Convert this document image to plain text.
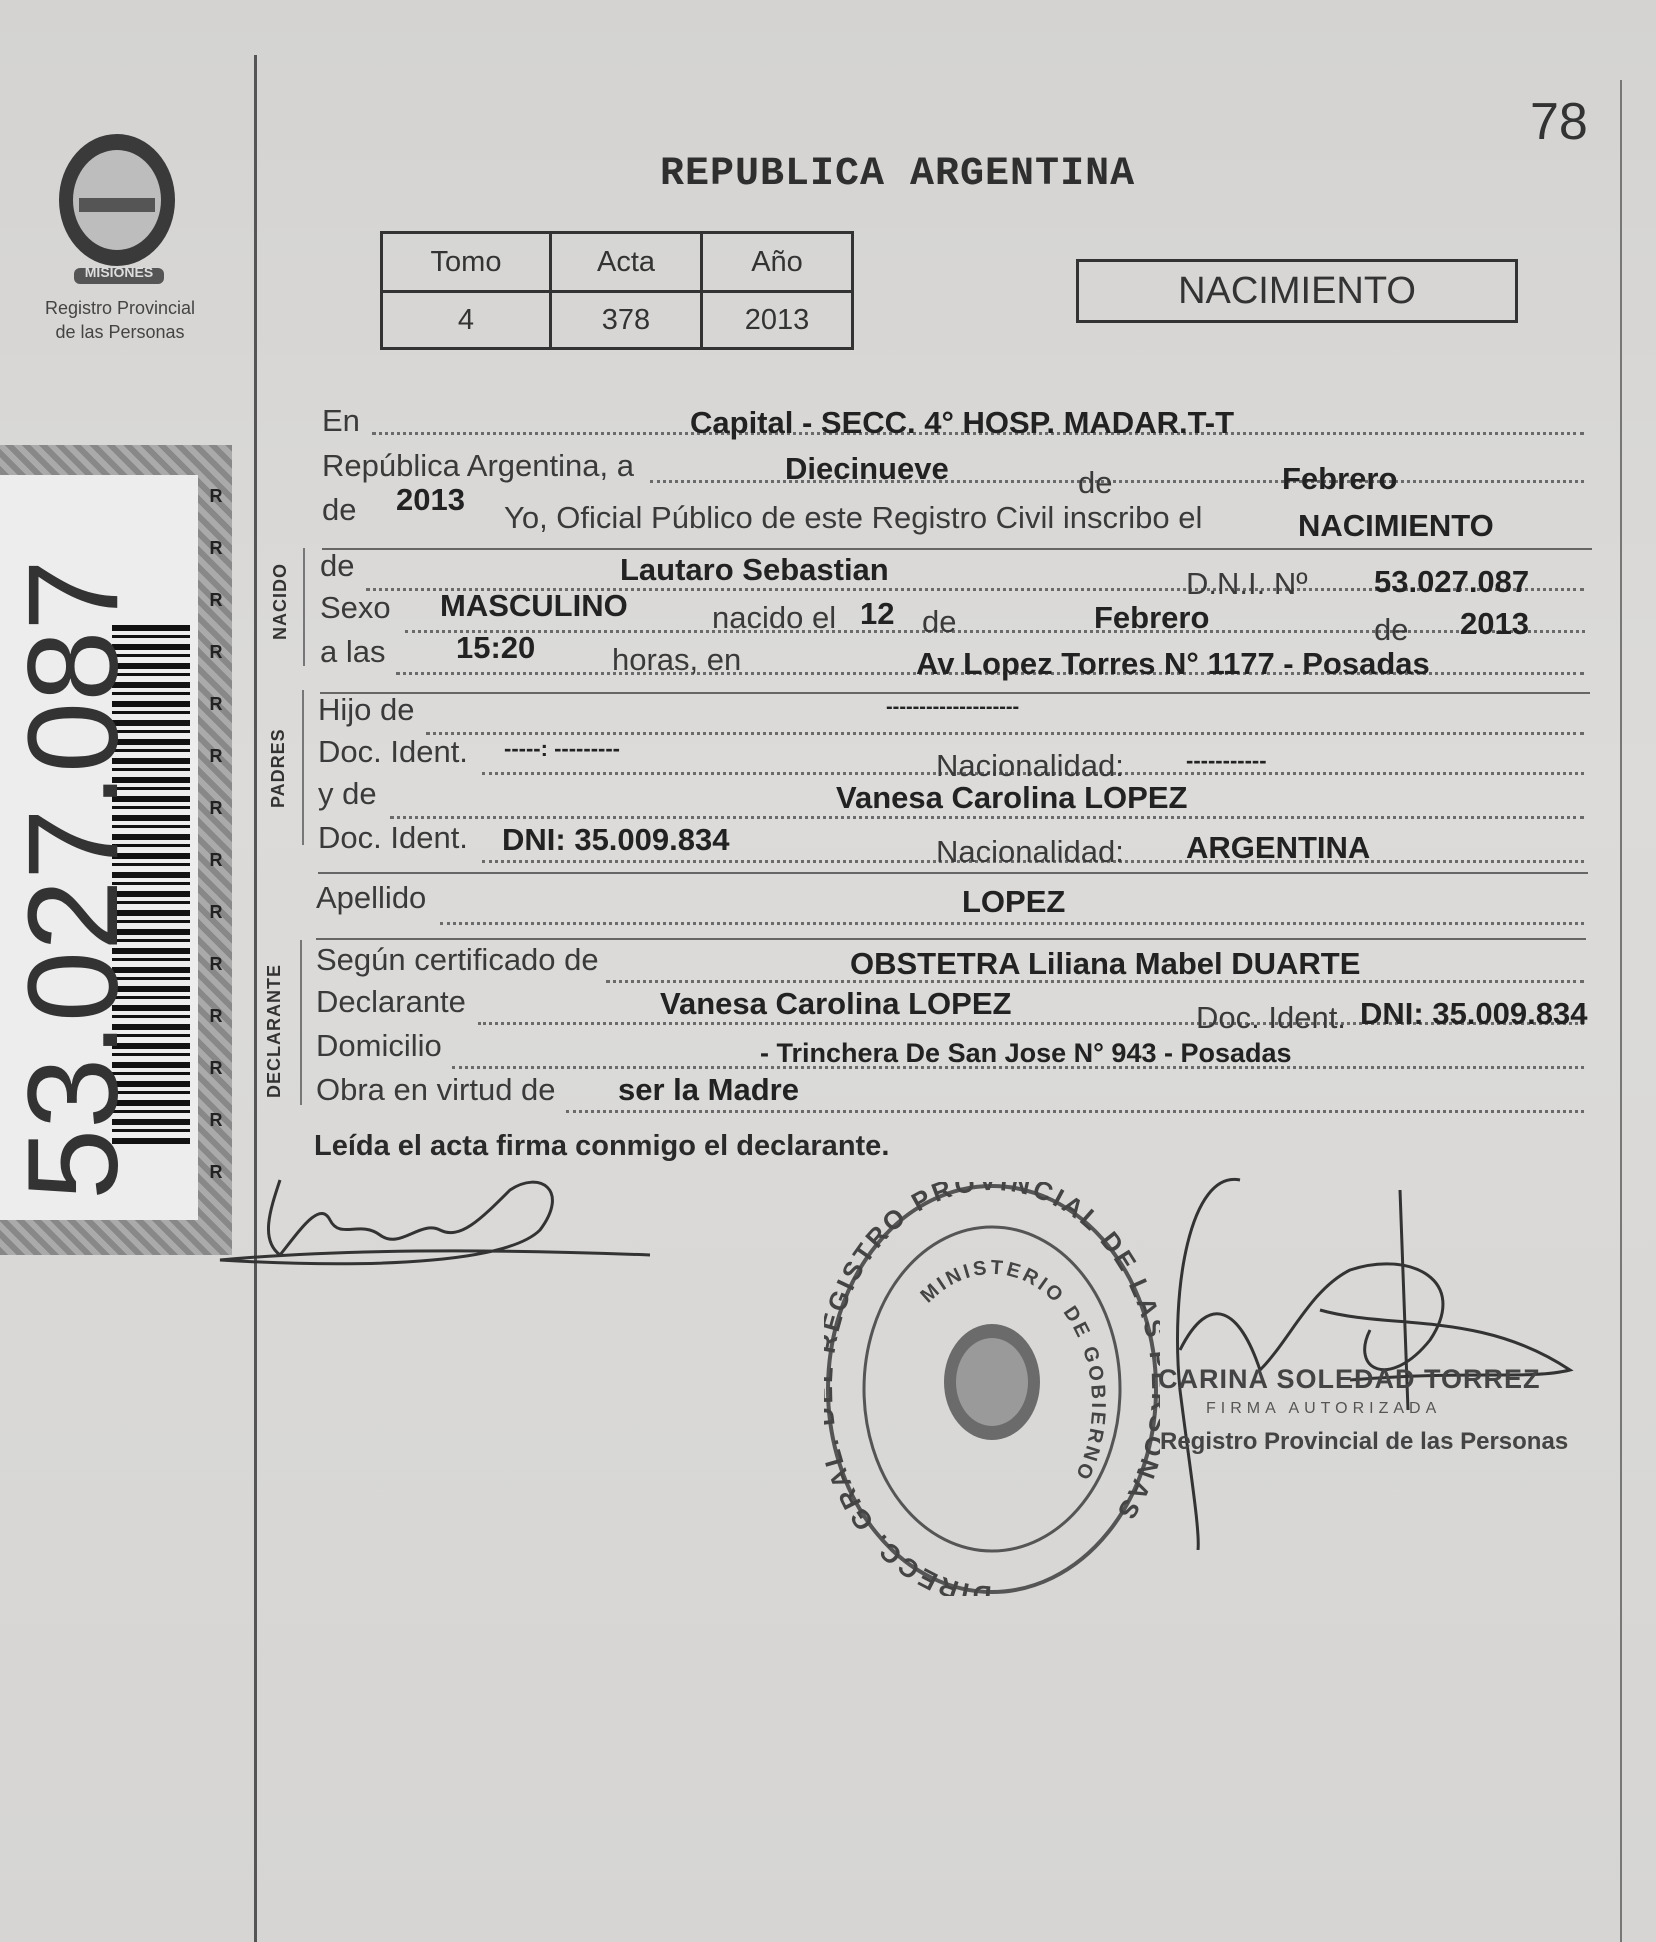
MISIONES
Registro Provincial
de las Personas
53.027.087
R
R
R
R
R
R
R
R
R
R
R
R
R
R
78
REPUBLICA ARGENTINA
Tomo	Acta	Año
4	378	2013
NACIMIENTO
NACIDO
PADRES
DECLARANTE
En	Capital - SECC. 4° HOSP. MADAR.T-T
República Argentina, a	Diecinueve	de	Febrero
de 2013
Yo, Oficial Público de este Registro Civil inscribo el	NACIMIENTO
de	Lautaro Sebastian	D.N.I. Nº 53.027.087
Sexo MASCULINO	nacido el 12 de	Febrero	de 2013
a las 15:20 horas, en	Av Lopez Torres N° 1177 - Posadas
Hijo de	--------------------
Doc. Ident. -----: ---------	Nacionalidad:	-----------
y de	Vanesa Carolina LOPEZ
Doc. Ident. DNI: 35.009.834	Nacionalidad: ARGENTINA
Apellido	LOPEZ
Según certificado de	OBSTETRA Liliana Mabel DUARTE
Declarante	Vanesa Carolina LOPEZ	Doc. Ident. DNI: 35.009.834
Domicilio	- Trinchera De San Jose N° 943 - Posadas
Obra en virtud de ser la Madre
Leída el acta firma conmigo el declarante.
DIRECC. GRA GISTRO PRO NCIAL DE L AS
MINISTERIO DE GOBIERNO
CARINA SOLEDAD TORREZ
FIRMA AUTORIZADA
Registro Provincial de las Personas
